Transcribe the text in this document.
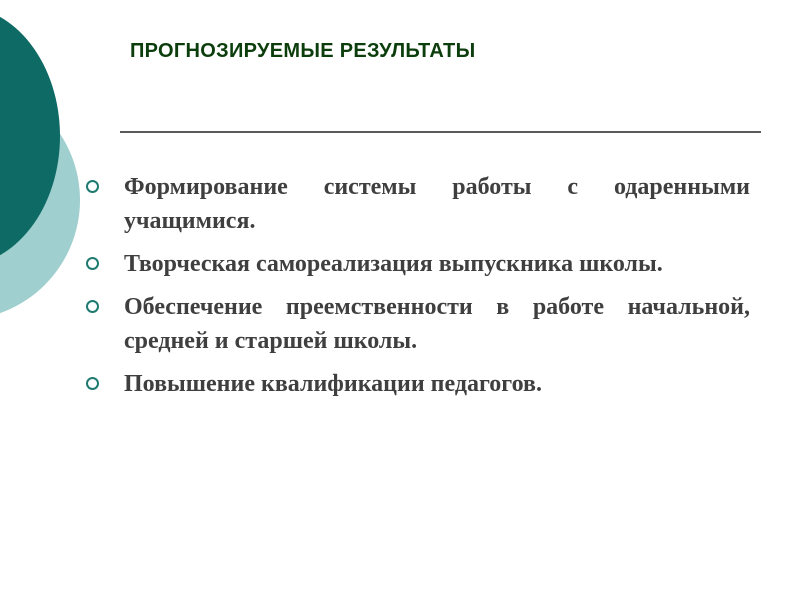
ПРОГНОЗИРУЕМЫЕ РЕЗУЛЬТАТЫ
Формирование системы работы с одаренными учащимися.
Творческая самореализация выпускника школы.
Обеспечение преемственности в работе начальной, средней и старшей школы.
Повышение квалификации педагогов.
